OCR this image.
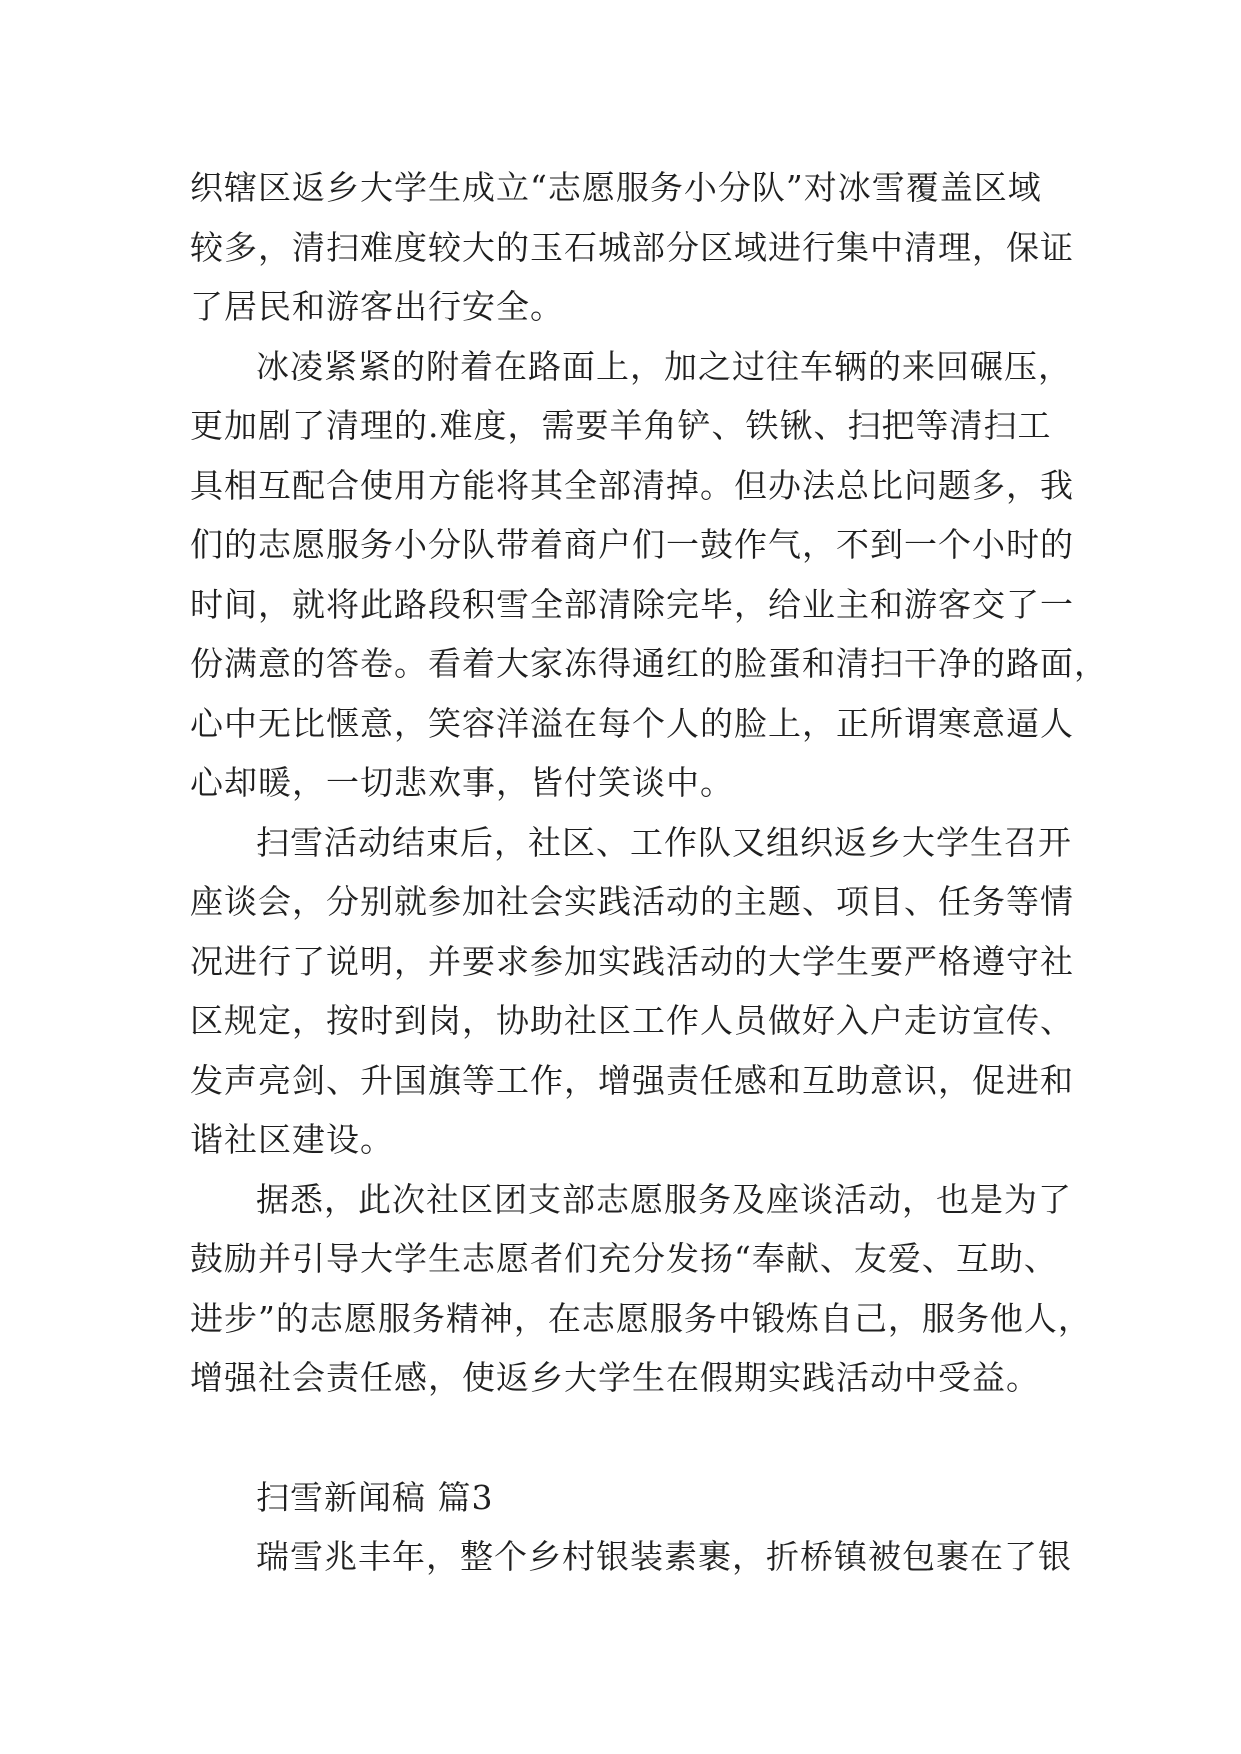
织辖区返乡大学生成立“志愿服务小分队”对冰雪覆盖区域
较多，清扫难度较大的玉石城部分区域进行集中清理，保证
了居民和游客出行安全。
冰凌紧紧的附着在路面上，加之过往车辆的来回碾压，
更加剧了清理的.难度，需要羊角铲、铁锹、扫把等清扫工
具相互配合使用方能将其全部清掉。但办法总比问题多，我
们的志愿服务小分队带着商户们一鼓作气，不到一个小时的
时间，就将此路段积雪全部清除完毕，给业主和游客交了一
份满意的答卷。看着大家冻得通红的脸蛋和清扫干净的路面，
心中无比惬意，笑容洋溢在每个人的脸上，正所谓寒意逼人
心却暖，一切悲欢事，皆付笑谈中。
扫雪活动结束后，社区、工作队又组织返乡大学生召开
座谈会，分别就参加社会实践活动的主题、项目、任务等情
况进行了说明，并要求参加实践活动的大学生要严格遵守社
区规定，按时到岗，协助社区工作人员做好入户走访宣传、
发声亮剑、升国旗等工作，增强责任感和互助意识，促进和
谐社区建设。
据悉，此次社区团支部志愿服务及座谈活动，也是为了
鼓励并引导大学生志愿者们充分发扬“奉献、友爱、互助、
进步”的志愿服务精神，在志愿服务中锻炼自己，服务他人，
增强社会责任感，使返乡大学生在假期实践活动中受益。
扫雪新闻稿 篇3
瑞雪兆丰年，整个乡村银装素裹，折桥镇被包裹在了银
